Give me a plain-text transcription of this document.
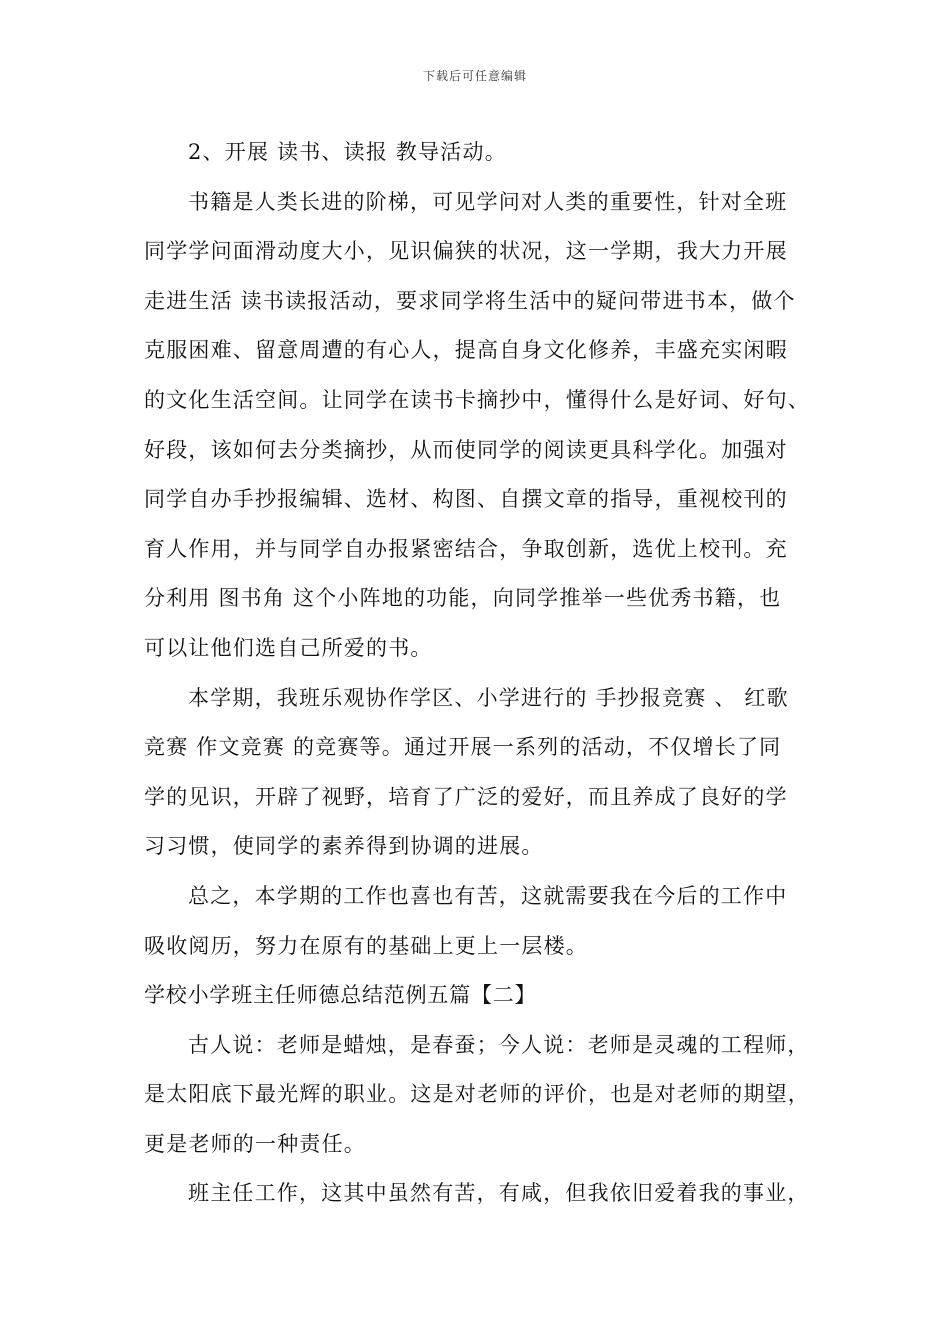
下载后可任意编辑
2、开展 读书、读报 教导活动。
书籍是人类长进的阶梯，可见学问对人类的重要性，针对全班
同学学问面滑动度大小，见识偏狭的状况，这一学期，我大力开展
走进生活 读书读报活动，要求同学将生活中的疑问带进书本，做个
克服困难、留意周遭的有心人，提高自身文化修养，丰盛充实闲暇
的文化生活空间。让同学在读书卡摘抄中，懂得什么是好词、好句、
好段，该如何去分类摘抄，从而使同学的阅读更具科学化。加强对
同学自办手抄报编辑、选材、构图、自撰文章的指导，重视校刊的
育人作用，并与同学自办报紧密结合，争取创新，选优上校刊。充
分利用 图书角 这个小阵地的功能，向同学推举一些优秀书籍，也
可以让他们选自己所爱的书。
本学期，我班乐观协作学区、小学进行的 手抄报竞赛 、 红歌
竞赛 作文竞赛 的竞赛等。通过开展一系列的活动，不仅增长了同
学的见识，开辟了视野，培育了广泛的爱好，而且养成了良好的学
习习惯，使同学的素养得到协调的进展。
总之，本学期的工作也喜也有苦，这就需要我在今后的工作中
吸收阅历，努力在原有的基础上更上一层楼。
学校小学班主任师德总结范例五篇【二】
古人说：老师是蜡烛，是春蚕；今人说：老师是灵魂的工程师，
是太阳底下最光辉的职业。这是对老师的评价，也是对老师的期望，
更是老师的一种责任。
班主任工作，这其中虽然有苦，有咸，但我依旧爱着我的事业，
